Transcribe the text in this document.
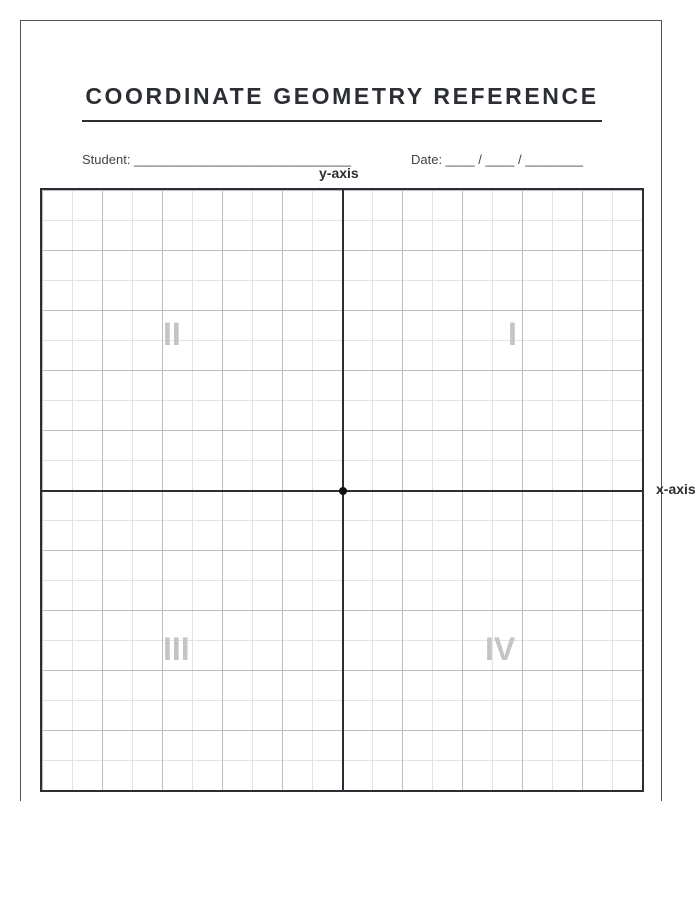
COORDINATE GEOMETRY REFERENCE
Student: ______________________________	Date: ____ / ____ / ________
y-axis
x-axis
II	I
III	IV
